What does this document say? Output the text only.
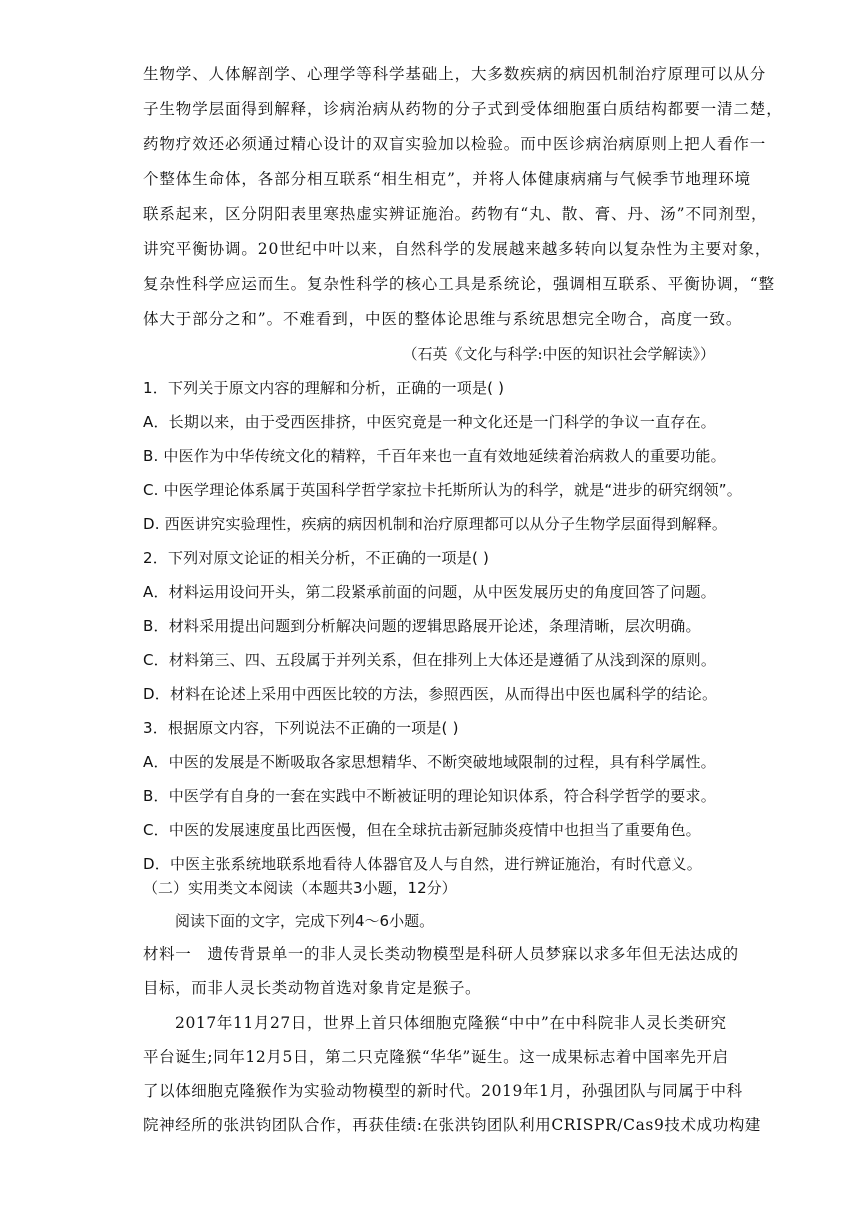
生物学、人体解剖学、心理学等科学基础上，大多数疾病的病因机制治疗原理可以从分
子生物学层面得到解释，诊病治病从药物的分子式到受体细胞蛋白质结构都要一清二楚，
药物疗效还必须通过精心设计的双盲实验加以检验。而中医诊病治病原则上把人看作一
个整体生命体，各部分相互联系“相生相克”，并将人体健康病痛与气候季节地理环境
联系起来，区分阴阳表里寒热虚实辨证施治。药物有“丸、散、膏、丹、汤”不同剂型，
讲究平衡协调。20世纪中叶以来，自然科学的发展越来越多转向以复杂性为主要对象，
复杂性科学应运而生。复杂性科学的核心工具是系统论，强调相互联系、平衡协调，“整
体大于部分之和”。不难看到，中医的整体论思维与系统思想完全吻合，高度一致。
（石英《文化与科学:中医的知识社会学解读》）
1．下列关于原文内容的理解和分析，正确的一项是( )
A．长期以来，由于受西医排挤，中医究竟是一种文化还是一门科学的争议一直存在。
B. 中医作为中华传统文化的精粹，千百年来也一直有效地延续着治病救人的重要功能。
C. 中医学理论体系属于英国科学哲学家拉卡托斯所认为的科学，就是“进步的研究纲领”。
D. 西医讲究实验理性，疾病的病因机制和治疗原理都可以从分子生物学层面得到解释。
2．下列对原文论证的相关分析，不正确的一项是( )
A．材料运用设问开头，第二段紧承前面的问题，从中医发展历史的角度回答了问题。
B．材料采用提出问题到分析解决问题的逻辑思路展开论述，条理清晰，层次明确。
C．材料第三、四、五段属于并列关系，但在排列上大体还是遵循了从浅到深的原则。
D．材料在论述上采用中西医比较的方法，参照西医，从而得出中医也属科学的结论。
3．根据原文内容，下列说法不正确的一项是( )
A．中医的发展是不断吸取各家思想精华、不断突破地域限制的过程，具有科学属性。
B．中医学有自身的一套在实践中不断被证明的理论知识体系，符合科学哲学的要求。
C．中医的发展速度虽比西医慢，但在全球抗击新冠肺炎疫情中也担当了重要角色。
D．中医主张系统地联系地看待人体器官及人与自然，进行辨证施治，有时代意义。
（二）实用类文本阅读（本题共3小题，12分）
阅读下面的文字，完成下列4～6小题。
材料一　遗传背景单一的非人灵长类动物模型是科研人员梦寐以求多年但无法达成的
目标，而非人灵长类动物首选对象肯定是猴子。
2017年11月27日，世界上首只体细胞克隆猴“中中”在中科院非人灵长类研究
平台诞生;同年12月5日，第二只克隆猴“华华”诞生。这一成果标志着中国率先开启
了以体细胞克隆猴作为实验动物模型的新时代。2019年1月，孙强团队与同属于中科
院神经所的张洪钧团队合作，再获佳绩:在张洪钧团队利用CRISPR/Cas9技术成功构建
